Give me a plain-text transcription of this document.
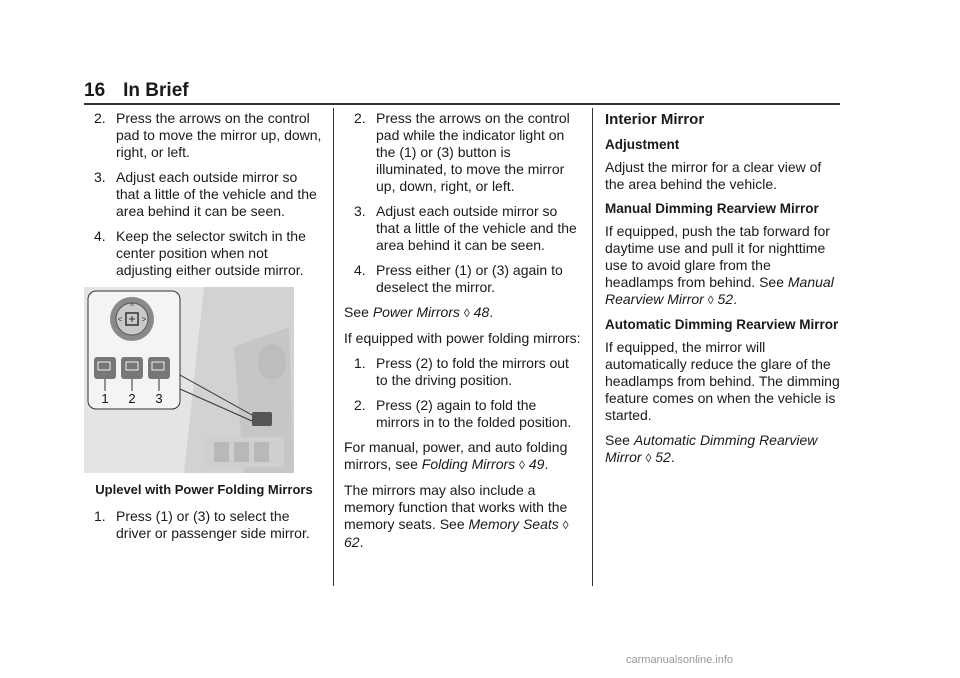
16 In Brief
2. Press the arrows on the control pad to move the mirror up, down, right, or left.
3. Adjust each outside mirror so that a little of the vehicle and the area behind it can be seen.
4. Keep the selector switch in the center position when not adjusting either outside mirror.
^
< >
1 2 3
Uplevel with Power Folding Mirrors
1. Press (1) or (3) to select the driver or passenger side mirror.
2. Press the arrows on the control pad while the indicator light on the (1) or (3) button is illuminated, to move the mirror up, down, right, or left.
3. Adjust each outside mirror so that a little of the vehicle and the area behind it can be seen.
4. Press either (1) or (3) again to deselect the mirror.

See Power Mirrors ◊ 48.

If equipped with power folding mirrors:

1. Press (2) to fold the mirrors out to the driving position.
2. Press (2) again to fold the mirrors in to the folded position.

For manual, power, and auto folding mirrors, see Folding Mirrors ◊ 49.

The mirrors may also include a memory function that works with the memory seats. See Memory Seats ◊ 62.

Interior Mirror
Adjustment

Adjust the mirror for a clear view of the area behind the vehicle.

Manual Dimming Rearview Mirror

If equipped, push the tab forward for daytime use and pull it for nighttime use to avoid glare from the headlamps from behind. See Manual Rearview Mirror ◊ 52.

Automatic Dimming Rearview Mirror

If equipped, the mirror will automatically reduce the glare of the headlamps from behind. The dimming feature comes on when the vehicle is started.

See Automatic Dimming Rearview Mirror ◊ 52.

carmanualsonline.info
